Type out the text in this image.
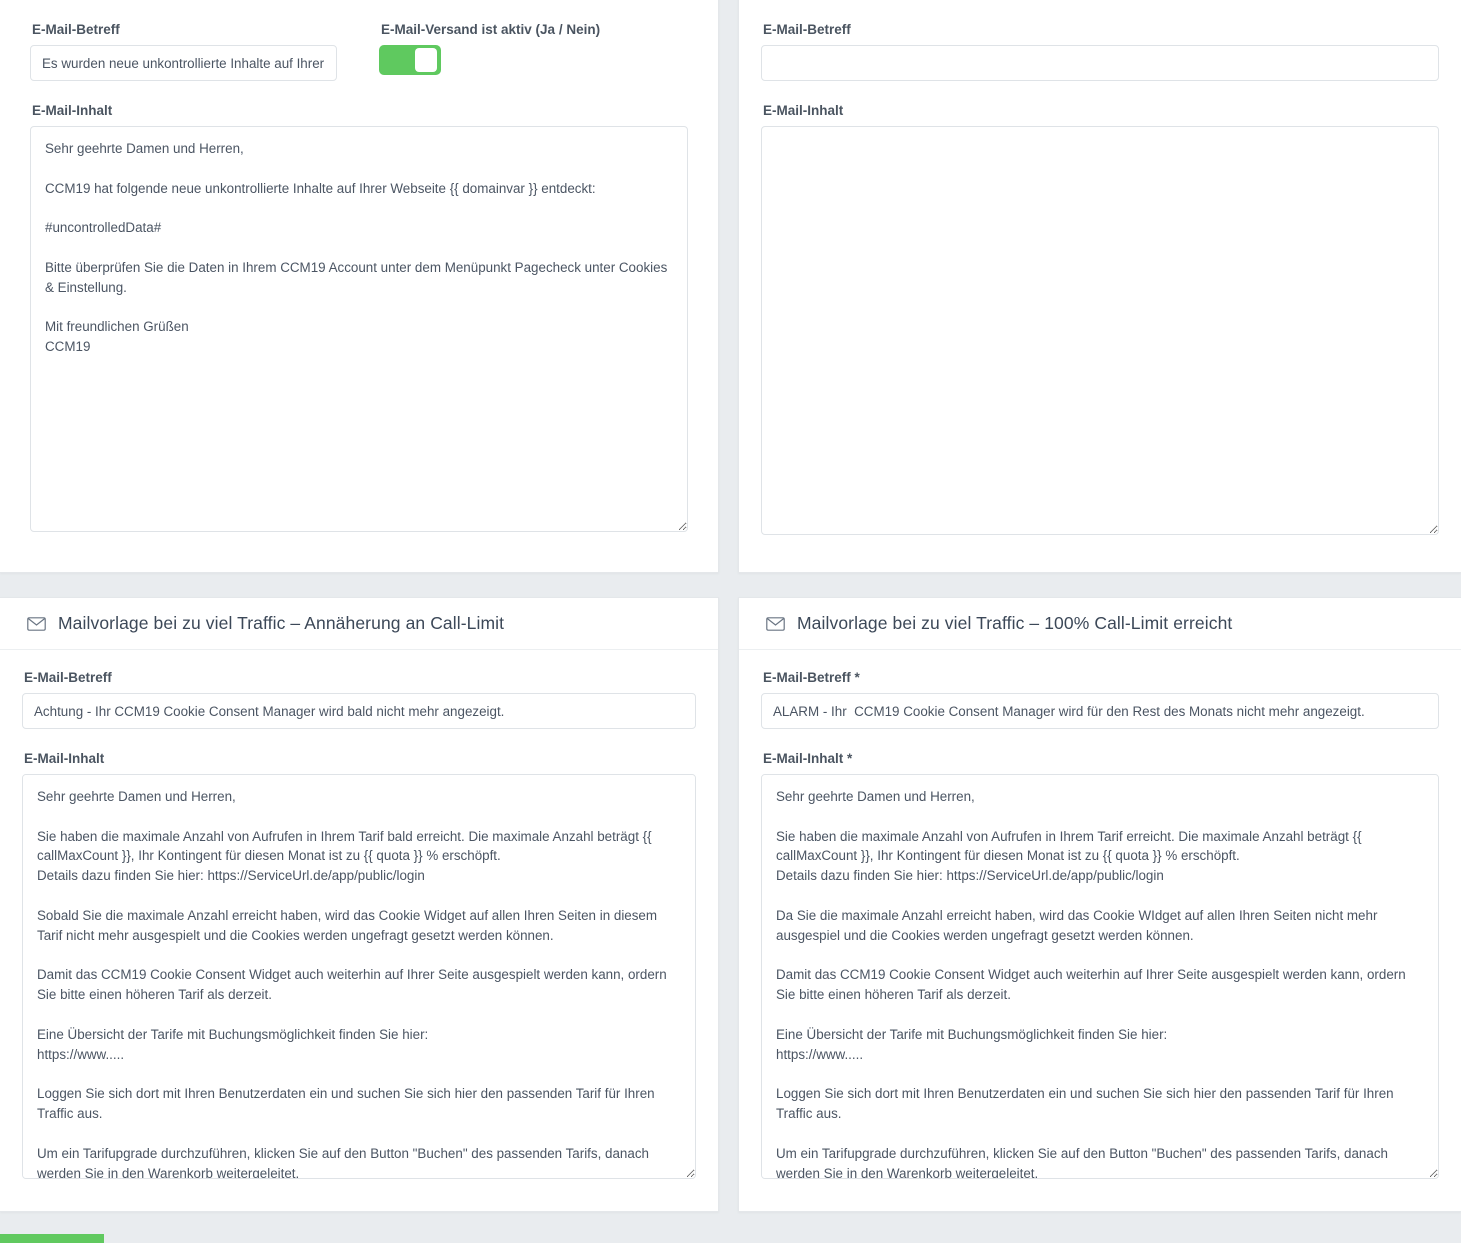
E-Mail-Betreff
Es wurden neue unkontrollierte Inhalte auf Ihrer Webseite entdeckt	E-Mail-Versand ist aktiv (Ja / Nein)
E-Mail-Inhalt
Sehr geehrte Damen und Herren, CCM19 hat folgende neue unkontrollierte Inhalte auf Ihrer Webseite {{ domainvar }} entdeckt: #uncontrolledData# Bitte überprüfen Sie die Daten in Ihrem CCM19 Account unter dem Menüpunkt Pagecheck unter Cookies & Einstellung. Mit freundlichen Grüßen CCM19
E-Mail-Betreff
E-Mail-Inhalt
Mailvorlage bei zu viel Traffic – Annäherung an Call-Limit
E-Mail-Betreff
Achtung - Ihr CCM19 Cookie Consent Manager wird bald nicht mehr angezeigt.
E-Mail-Inhalt
Sehr geehrte Damen und Herren, Sie haben die maximale Anzahl von Aufrufen in Ihrem Tarif bald erreicht. Die maximale Anzahl beträgt {{ callMaxCount }}, Ihr Kontingent für diesen Monat ist zu {{ quota }} % erschöpft. Details dazu finden Sie hier: https://ServiceUrl.de/app/public/login Sobald Sie die maximale Anzahl erreicht haben, wird das Cookie Widget auf allen Ihren Seiten in diesem Tarif nicht mehr ausgespielt und die Cookies werden ungefragt gesetzt werden können. Damit das CCM19 Cookie Consent Widget auch weiterhin auf Ihrer Seite ausgespielt werden kann, ordern Sie bitte einen höheren Tarif als derzeit. Eine Übersicht der Tarife mit Buchungsmöglichkeit finden Sie hier: https://www..... Loggen Sie sich dort mit Ihren Benutzerdaten ein und suchen Sie sich hier den passenden Tarif für Ihren Traffic aus. Um ein Tarifupgrade durchzuführen, klicken Sie auf den Button "Buchen" des passenden Tarifs, danach werden Sie in den Warenkorb weitergeleitet.
Mailvorlage bei zu viel Traffic – 100% Call-Limit erreicht
E-Mail-Betreff *
ALARM - Ihr CCM19 Cookie Consent Manager wird für den Rest des Monats nicht mehr angezeigt.
E-Mail-Inhalt *
Sehr geehrte Damen und Herren, Sie haben die maximale Anzahl von Aufrufen in Ihrem Tarif erreicht. Die maximale Anzahl beträgt {{ callMaxCount }}, Ihr Kontingent für diesen Monat ist zu {{ quota }} % erschöpft. Details dazu finden Sie hier: https://ServiceUrl.de/app/public/login Da Sie die maximale Anzahl erreicht haben, wird das Cookie WIdget auf allen Ihren Seiten nicht mehr ausgespiel und die Cookies werden ungefragt gesetzt werden können. Damit das CCM19 Cookie Consent Widget auch weiterhin auf Ihrer Seite ausgespielt werden kann, ordern Sie bitte einen höheren Tarif als derzeit. Eine Übersicht der Tarife mit Buchungsmöglichkeit finden Sie hier: https://www..... Loggen Sie sich dort mit Ihren Benutzerdaten ein und suchen Sie sich hier den passenden Tarif für Ihren Traffic aus. Um ein Tarifupgrade durchzuführen, klicken Sie auf den Button "Buchen" des passenden Tarifs, danach werden Sie in den Warenkorb weitergeleitet.
